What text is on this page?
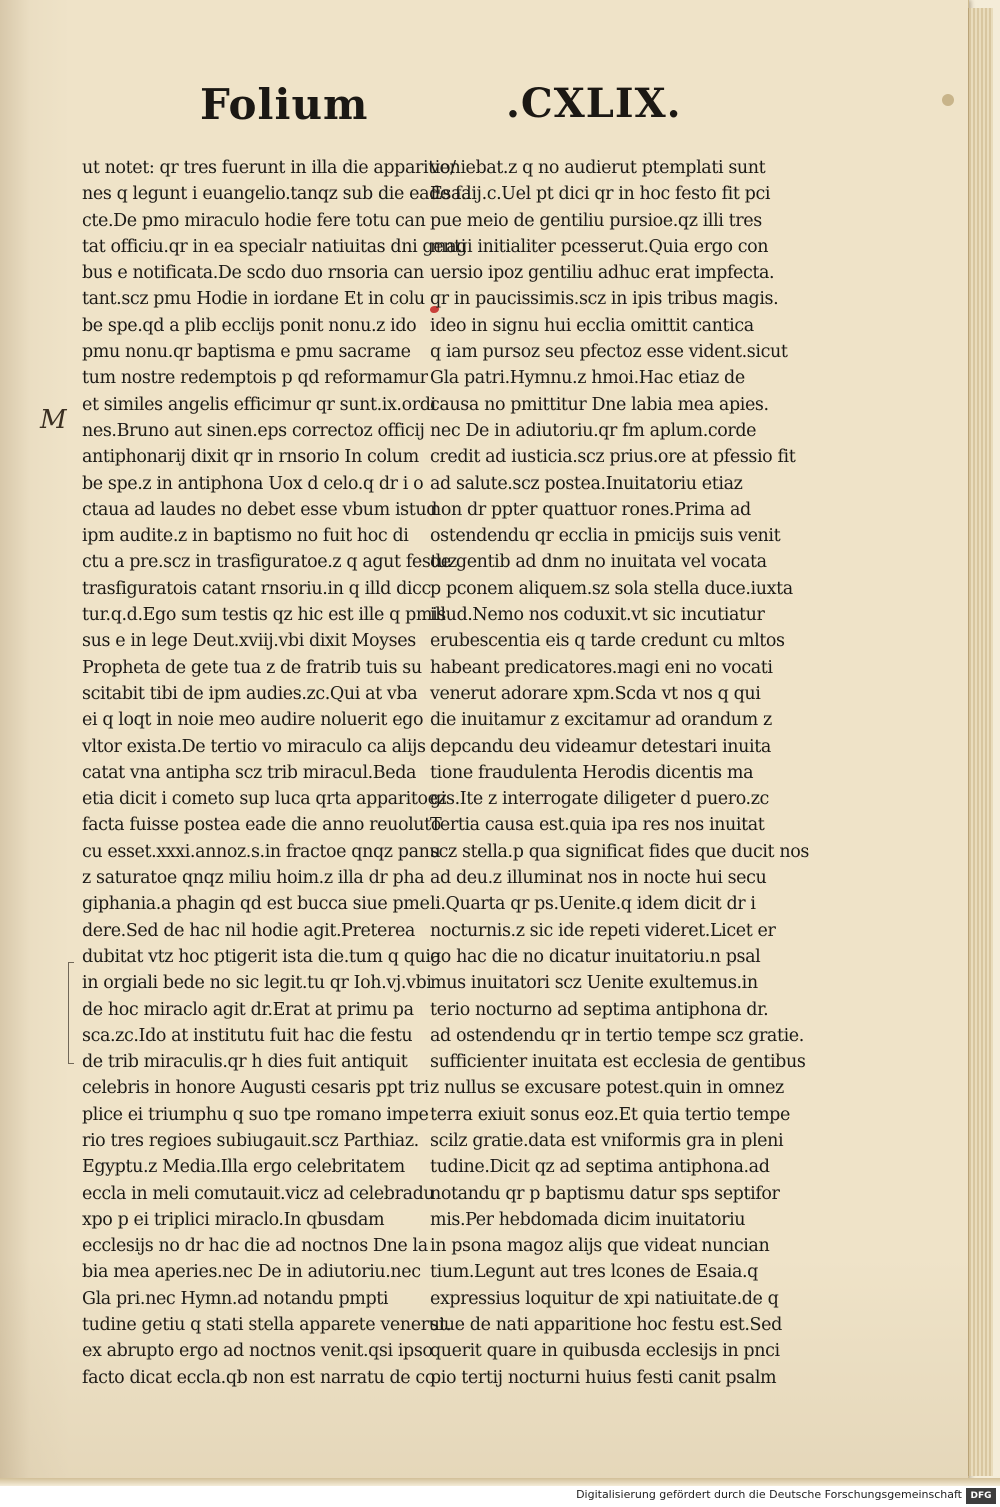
Folium	.CXLIX.
M
ut notet: qr tres fuerunt in illa die apparitio/
nes q legunt i euangelio.tanqz sub die eade fa
cte.De pmo miraculo hodie fere totu can
tat officiu.qr in ea specialr natiuitas dni genti
bus e notificata.De scdo duo rnsoria can
tant.scz pmu Hodie in iordane Et in colu
be spe.qd a plib ecclijs ponit nonu.z ido
pmu nonu.qr baptisma e pmu sacrame
tum nostre redemptois p qd reformamur
et similes angelis efficimur qr sunt.ix.ordi
nes.Bruno aut sinen.eps correctoz officij
antiphonarij dixit qr in rnsorio In colum
be spe.z in antiphona Uox d celo.q dr i o
ctaua ad laudes no debet esse vbum istud
ipm audite.z in baptismo no fuit hoc di
ctu a pre.scz in trasfiguratoe.z q agut festuz
trasfiguratois catant rnsoriu.in q illd dicc
tur.q.d.Ego sum testis qz hic est ille q pmis
sus e in lege Deut.xviij.vbi dixit Moyses
Propheta de gete tua z de fratrib tuis su
scitabit tibi de ipm audies.zc.Qui at vba
ei q loqt in noie meo audire noluerit ego
vltor exista.De tertio vo miraculo ca alijs
catat vna antipha scz trib miracul.Beda
etia dicit i cometo sup luca qrta apparitoez
facta fuisse postea eade die anno reuoluto
cu esset.xxxi.annoz.s.in fractoe qnqz panu
z saturatoe qnqz miliu hoim.z illa dr pha
giphania.a phagin qd est bucca siue pme
dere.Sed de hac nil hodie agit.Preterea
dubitat vtz hoc ptigerit ista die.tum q quia
in orgiali bede no sic legit.tu qr Ioh.vj.vbi
de hoc miraclo agit dr.Erat at primu pa
sca.zc.Ido at institutu fuit hac die festu
de trib miraculis.qr h dies fuit antiquit
celebris in honore Augusti cesaris ppt tri
plice ei triumphu q suo tpe romano impe
rio tres regioes subiugauit.scz Parthiaz.
Egyptu.z Media.Illa ergo celebritatem
eccla in meli comutauit.vicz ad celebradu
xpo p ei triplici miraclo.In qbusdam
ecclesijs no dr hac die ad noctnos Dne la
bia mea aperies.nec De in adiutoriu.nec
Gla pri.nec Hymn.ad notandu pmpti
tudine getiu q stati stella apparete venerut.
ex abrupto ergo ad noctnos venit.qsi ipso
facto dicat eccla.qb non est narratu de co
veniebat.z q no audierut ptemplati sunt
Esa.lij.c.Uel pt dici qr in hoc festo fit pci
pue meio de gentiliu pursioe.qz illi tres
magi initialiter pcesserut.Quia ergo con
uersio ipoz gentiliu adhuc erat impfecta.
qr in paucissimis.scz in ipis tribus magis.
ideo in signu hui ecclia omittit cantica
q iam pursoz seu pfectoz esse vident.sicut
Gla patri.Hymnu.z hmoi.Hac etiaz de
causa no pmittitur Dne labia mea apies.
nec De in adiutoriu.qr fm aplum.corde
credit ad iusticia.scz prius.ore at pfessio fit
ad salute.scz postea.Inuitatoriu etiaz
non dr ppter quattuor rones.Prima ad
ostendendu qr ecclia in pmicijs suis venit
de gentib ad dnm no inuitata vel vocata
p pconem aliquem.sz sola stella duce.iuxta
illud.Nemo nos coduxit.vt sic incutiatur
erubescentia eis q tarde credunt cu mltos
habeant predicatores.magi eni no vocati
venerut adorare xpm.Scda vt nos q qui
die inuitamur z excitamur ad orandum z
depcandu deu videamur detestari inuita
tione fraudulenta Herodis dicentis ma
gis.Ite z interrogate diligeter d puero.zc
Tertia causa est.quia ipa res nos inuitat
scz stella.p qua significat fides que ducit nos
ad deu.z illuminat nos in nocte hui secu
li.Quarta qr ps.Uenite.q idem dicit dr i
nocturnis.z sic ide repeti videret.Licet er
go hac die no dicatur inuitatoriu.n psal
mus inuitatori scz Uenite exultemus.in
terio nocturno ad septima antiphona dr.
ad ostendendu qr in tertio tempe scz gratie.
sufficienter inuitata est ecclesia de gentibus
z nullus se excusare potest.quin in omnez
terra exiuit sonus eoz.Et quia tertio tempe
scilz gratie.data est vniformis gra in pleni
tudine.Dicit qz ad septima antiphona.ad
notandu qr p baptismu datur sps septifor
mis.Per hebdomada dicim inuitatoriu
in psona magoz alijs que videat nuncian
tium.Legunt aut tres lcones de Esaia.q
expressius loquitur de xpi natiuitate.de q
siue de nati apparitione hoc festu est.Sed
querit quare in quibusda ecclesijs in pnci
pio tertij nocturni huius festi canit psalm
Digitalisierung gefördert durch die Deutsche Forschungsgemeinschaft DFG
